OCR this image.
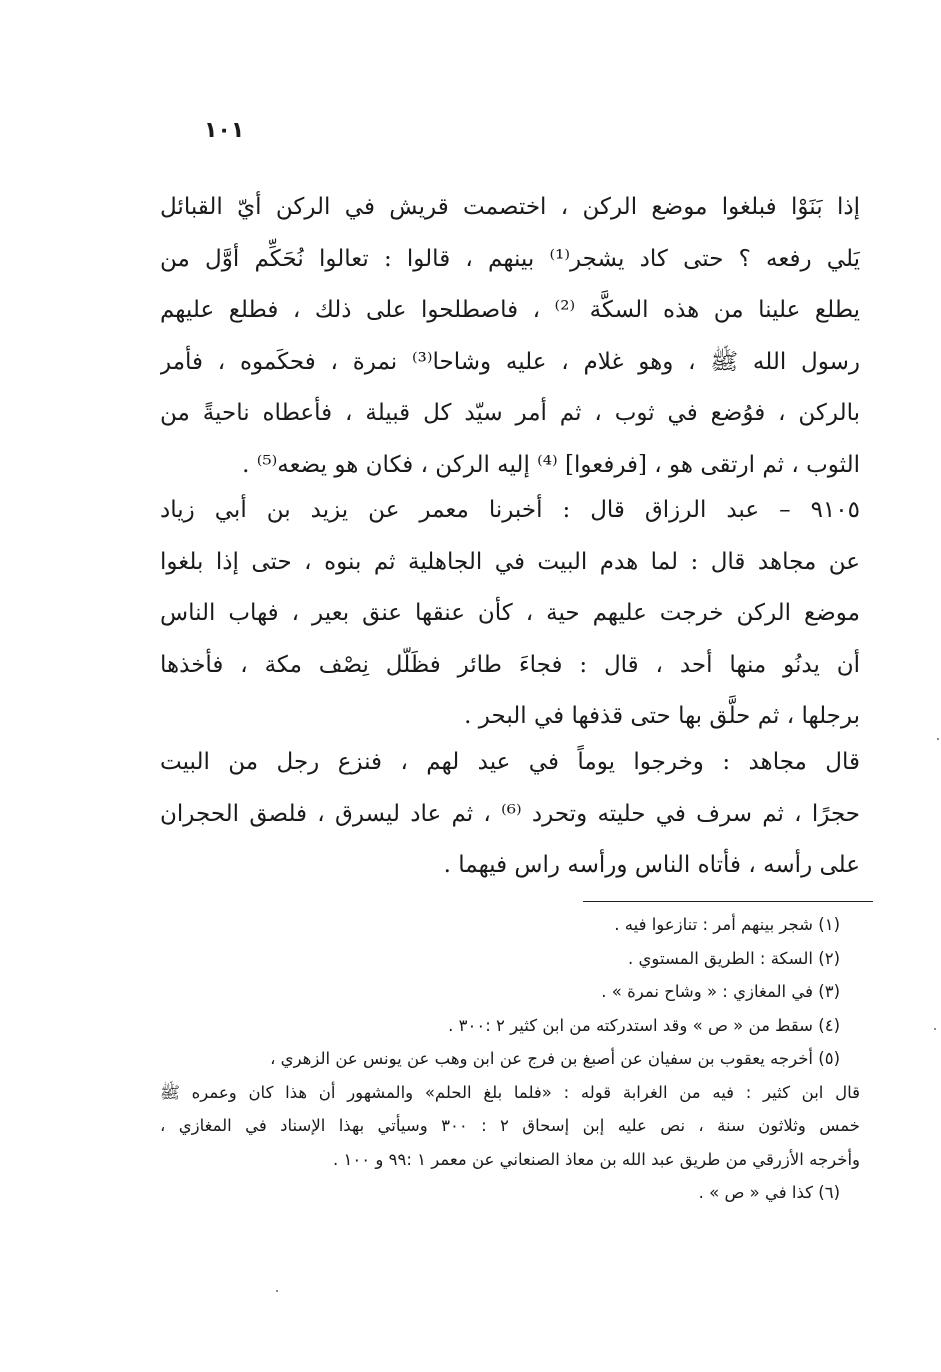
١٠١
إذا بَنَوْا فبلغوا موضع الركن ، اختصمت قريش في الركن أيّ القبائل
يَلي رفعه ؟ حتى كاد يشجر⁽¹⁾ بينهم ، قالوا : تعالوا نُحَكِّم أوَّل من
يطلع علينا من هذه السكَّة ⁽²⁾ ، فاصطلحوا على ذلك ، فطلع عليهم
رسول الله ﷺ ، وهو غلام ، عليه وشاحا⁽³⁾ نمرة ، فحكَموه ، فأمر
بالركن ، فوُضع في ثوب ، ثم أمر سيّد كل قبيلة ، فأعطاه ناحيةً من
الثوب ، ثم ارتقى هو ، [فرفعوا] ⁽⁴⁾ إليه الركن ، فكان هو يضعه⁽⁵⁾ .
٩١٠٥ – عبد الرزاق قال : أخبرنا معمر عن يزيد بن أبي زياد
عن مجاهد قال : لما هدم البيت في الجاهلية ثم بنوه ، حتى إذا بلغوا
موضع الركن خرجت عليهم حية ، كأن عنقها عنق بعير ، فهاب الناس
أن يدنُو منها أحد ، قال : فجاءَ طائر فظَلّل نِصْف مكة ، فأخذها
برجلها ، ثم حلَّق بها حتى قذفها في البحر .
قال مجاهد : وخرجوا يوماً في عيد لهم ، فنزع رجل من البيت
حجرًا ، ثم سرف في حليته وتحرد ⁽⁶⁾ ، ثم عاد ليسرق ، فلصق الحجران
على رأسه ، فأتاه الناس ورأسه راس فيهما .
(١) شجر بينهم أمر : تنازعوا فيه .
(٢) السكة : الطريق المستوي .
(٣) في المغازي : « وشاح نمرة » .
(٤) سقط من « ص » وقد استدركته من ابن كثير ٢ :٣٠٠ .
(٥) أخرجه يعقوب بن سفيان عن أصبغ بن فرج عن ابن وهب عن يونس عن الزهري ،
قال ابن كثير : فيه من الغرابة قوله : «فلما بلغ الحلم» والمشهور أن هذا كان وعمره ﷺ
خمس وثلاثون سنة ، نص عليه إبن إسحاق ٢ : ٣٠٠ وسيأتي بهذا الإسناد في المغازي ،
وأخرجه الأزرقي من طريق عبد الله بن معاذ الصنعاني عن معمر ١ :٩٩ و ١٠٠ .
(٦) كذا في « ص » .
